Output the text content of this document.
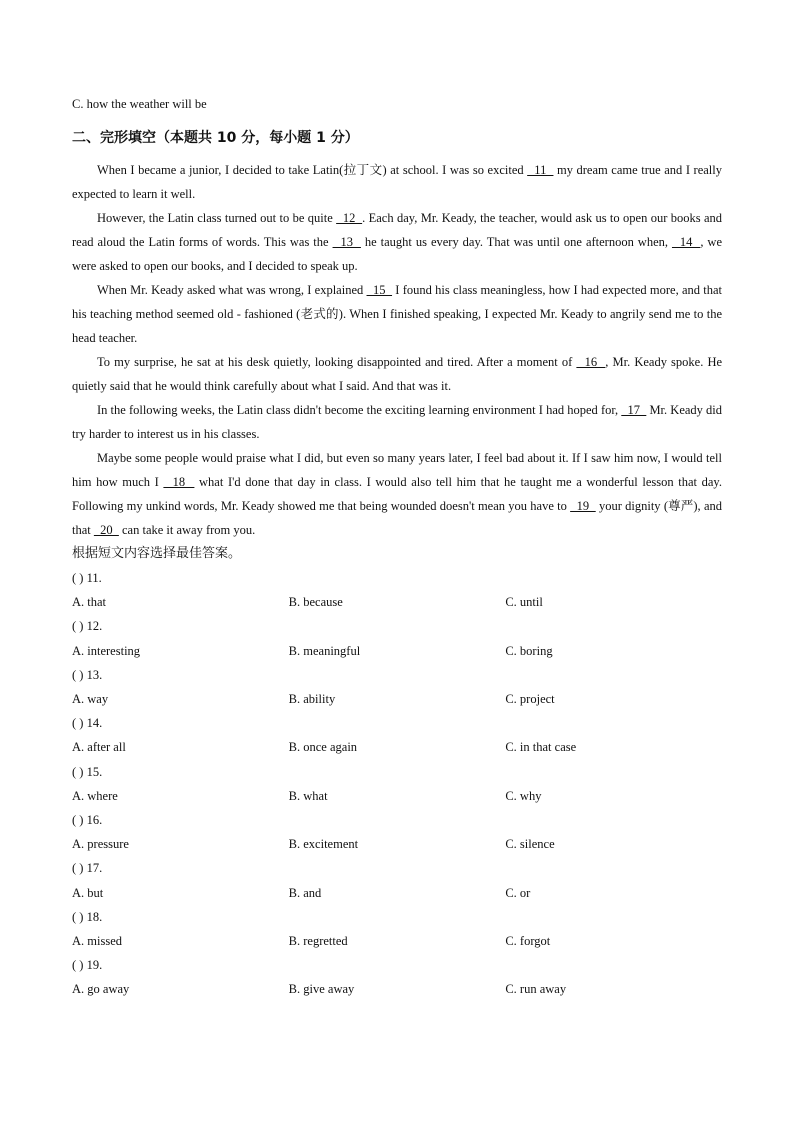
C. how the weather will be

二、完形填空（本题共 10 分，每小题 1 分）

When I became a junior, I decided to take Latin(拉丁文) at school. I was so excited   11   my dream came true and I really expected to learn it well.

However, the Latin class turned out to be quite   12  . Each day, Mr. Keady, the teacher, would ask us to open our books and read aloud the Latin forms of words. This was the   13   he taught us every day. That was until one afternoon when,   14  , we were asked to open our books, and I decided to speak up.

When Mr. Keady asked what was wrong, I explained   15   I found his class meaningless, how I had expected more, and that his teaching method seemed old - fashioned (老式的). When I finished speaking, I expected Mr. Keady to angrily send me to the head teacher.

To my surprise, he sat at his desk quietly, looking disappointed and tired. After a moment of   16  , Mr. Keady spoke. He quietly said that he would think carefully about what I said. And that was it.

In the following weeks, the Latin class didn't become the exciting learning environment I had hoped for,   17   Mr. Keady did try harder to interest us in his classes.

Maybe some people would praise what I did, but even so many years later, I feel bad about it. If I saw him now, I would tell him how much I   18   what I'd done that day in class. I would also tell him that he taught me a wonderful lesson that day. Following my unkind words, Mr. Keady showed me that being wounded doesn't mean you have to   19   your dignity (尊严), and that   20   can take it away from you.

根据短文内容选择最佳答案。

( ) 11.

A. that	B. because	C. until

( ) 12.

A. interesting	B. meaningful	C. boring

( ) 13.

A. way	B. ability	C. project

( ) 14.

A. after all	B. once again	C. in that case

( ) 15.

A. where	B. what	C. why

( ) 16.

A. pressure	B. excitement	C. silence

( ) 17.

A. but	B. and	C. or

( ) 18.

A. missed	B. regretted	C. forgot

( ) 19.

A. go away	B. give away	C. run away
